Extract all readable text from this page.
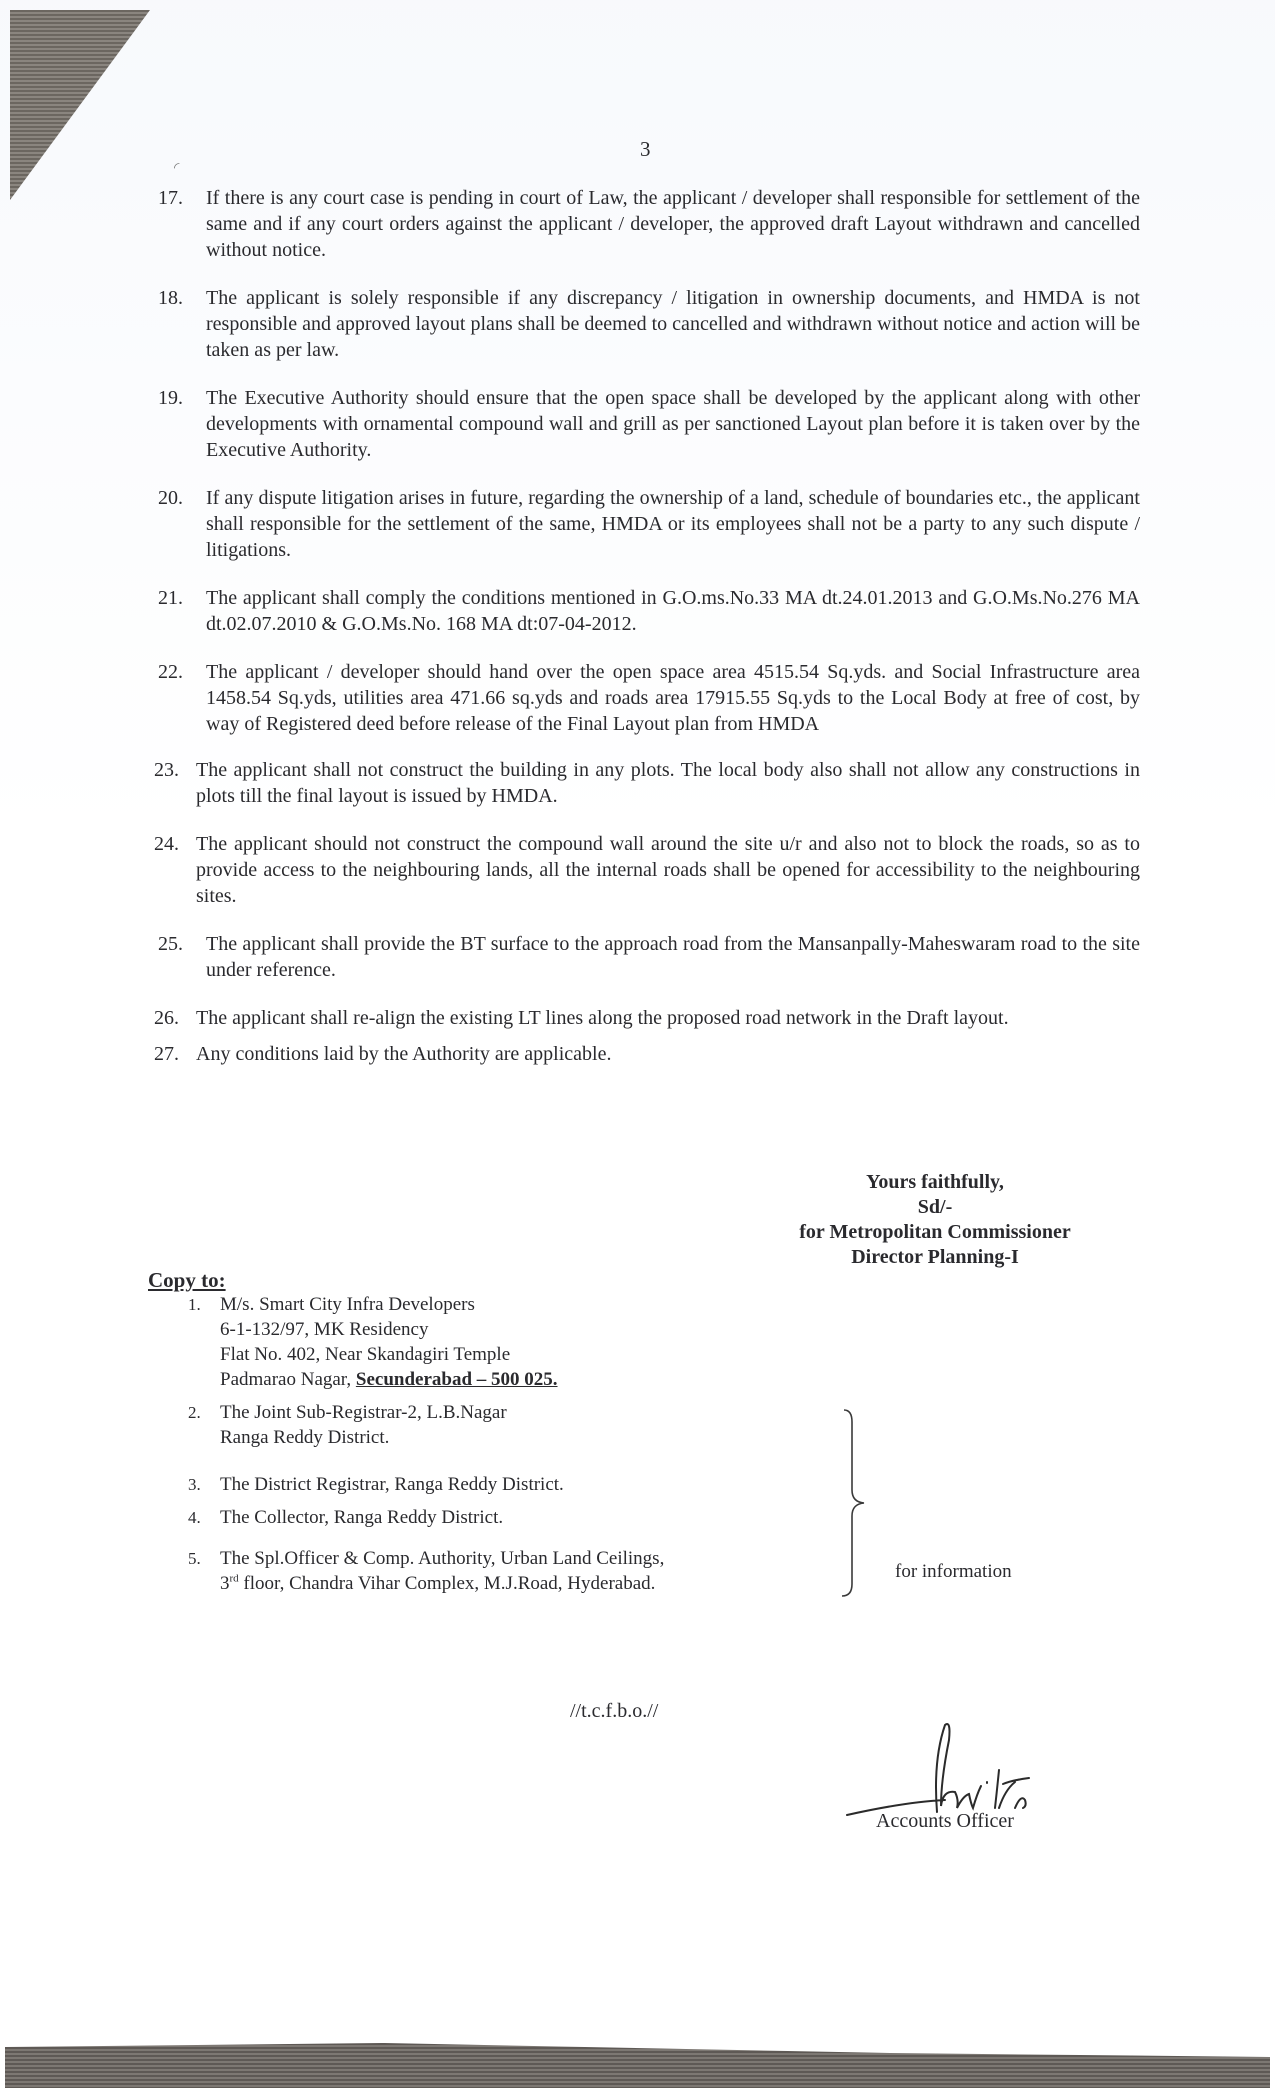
3
◜
17. If there is any court case is pending in court of Law, the applicant / developer shall responsible for settlement of the same and if any court orders against the applicant / developer, the approved draft Layout withdrawn and cancelled without notice.
18. The applicant is solely responsible if any discrepancy / litigation in ownership documents, and HMDA is not responsible and approved layout plans shall be deemed to cancelled and withdrawn without notice and action will be taken as per law.
19. The Executive Authority should ensure that the open space shall be developed by the applicant along with other developments with ornamental compound wall and grill as per sanctioned Layout plan before it is taken over by the Executive Authority.
20. If any dispute litigation arises in future, regarding the ownership of a land, schedule of boundaries etc., the applicant shall responsible for the settlement of the same, HMDA or its employees shall not be a party to any such dispute / litigations.
21. The applicant shall comply the conditions mentioned in G.O.ms.No.33 MA dt.24.01.2013 and G.O.Ms.No.276 MA dt.02.07.2010 & G.O.Ms.No. 168 MA dt:07-04-2012.
22. The applicant / developer should hand over the open space area 4515.54 Sq.yds. and Social Infrastructure area 1458.54 Sq.yds, utilities area 471.66 sq.yds and roads area 17915.55 Sq.yds to the Local Body at free of cost, by way of Registered deed before release of the Final Layout plan from HMDA
23. The applicant shall not construct the building in any plots. The local body also shall not allow any constructions in plots till the final layout is issued by HMDA.
24. The applicant should not construct the compound wall around the site u/r and also not to block the roads, so as to provide access to the neighbouring lands, all the internal roads shall be opened for accessibility to the neighbouring sites.
25. The applicant shall provide the BT surface to the approach road from the Mansanpally-Maheswaram road to the site under reference.
26. The applicant shall re-align the existing LT lines along the proposed road network in the Draft layout.
27. Any conditions laid by the Authority are applicable.
Yours faithfully,
Sd/-
for Metropolitan Commissioner
Director Planning-I
Copy to:
1. M/s. Smart City Infra Developers
6-1-132/97, MK Residency
Flat No. 402, Near Skandagiri Temple
Padmarao Nagar, Secunderabad – 500 025.
2. The Joint Sub-Registrar-2, L.B.Nagar
Ranga Reddy District.
3. The District Registrar, Ranga Reddy District.
4. The Collector, Ranga Reddy District.
5. The Spl.Officer & Comp. Authority, Urban Land Ceilings,
3rd floor, Chandra Vihar Complex, M.J.Road, Hyderabad.
for information
//t.c.f.b.o.//
Accounts Officer
